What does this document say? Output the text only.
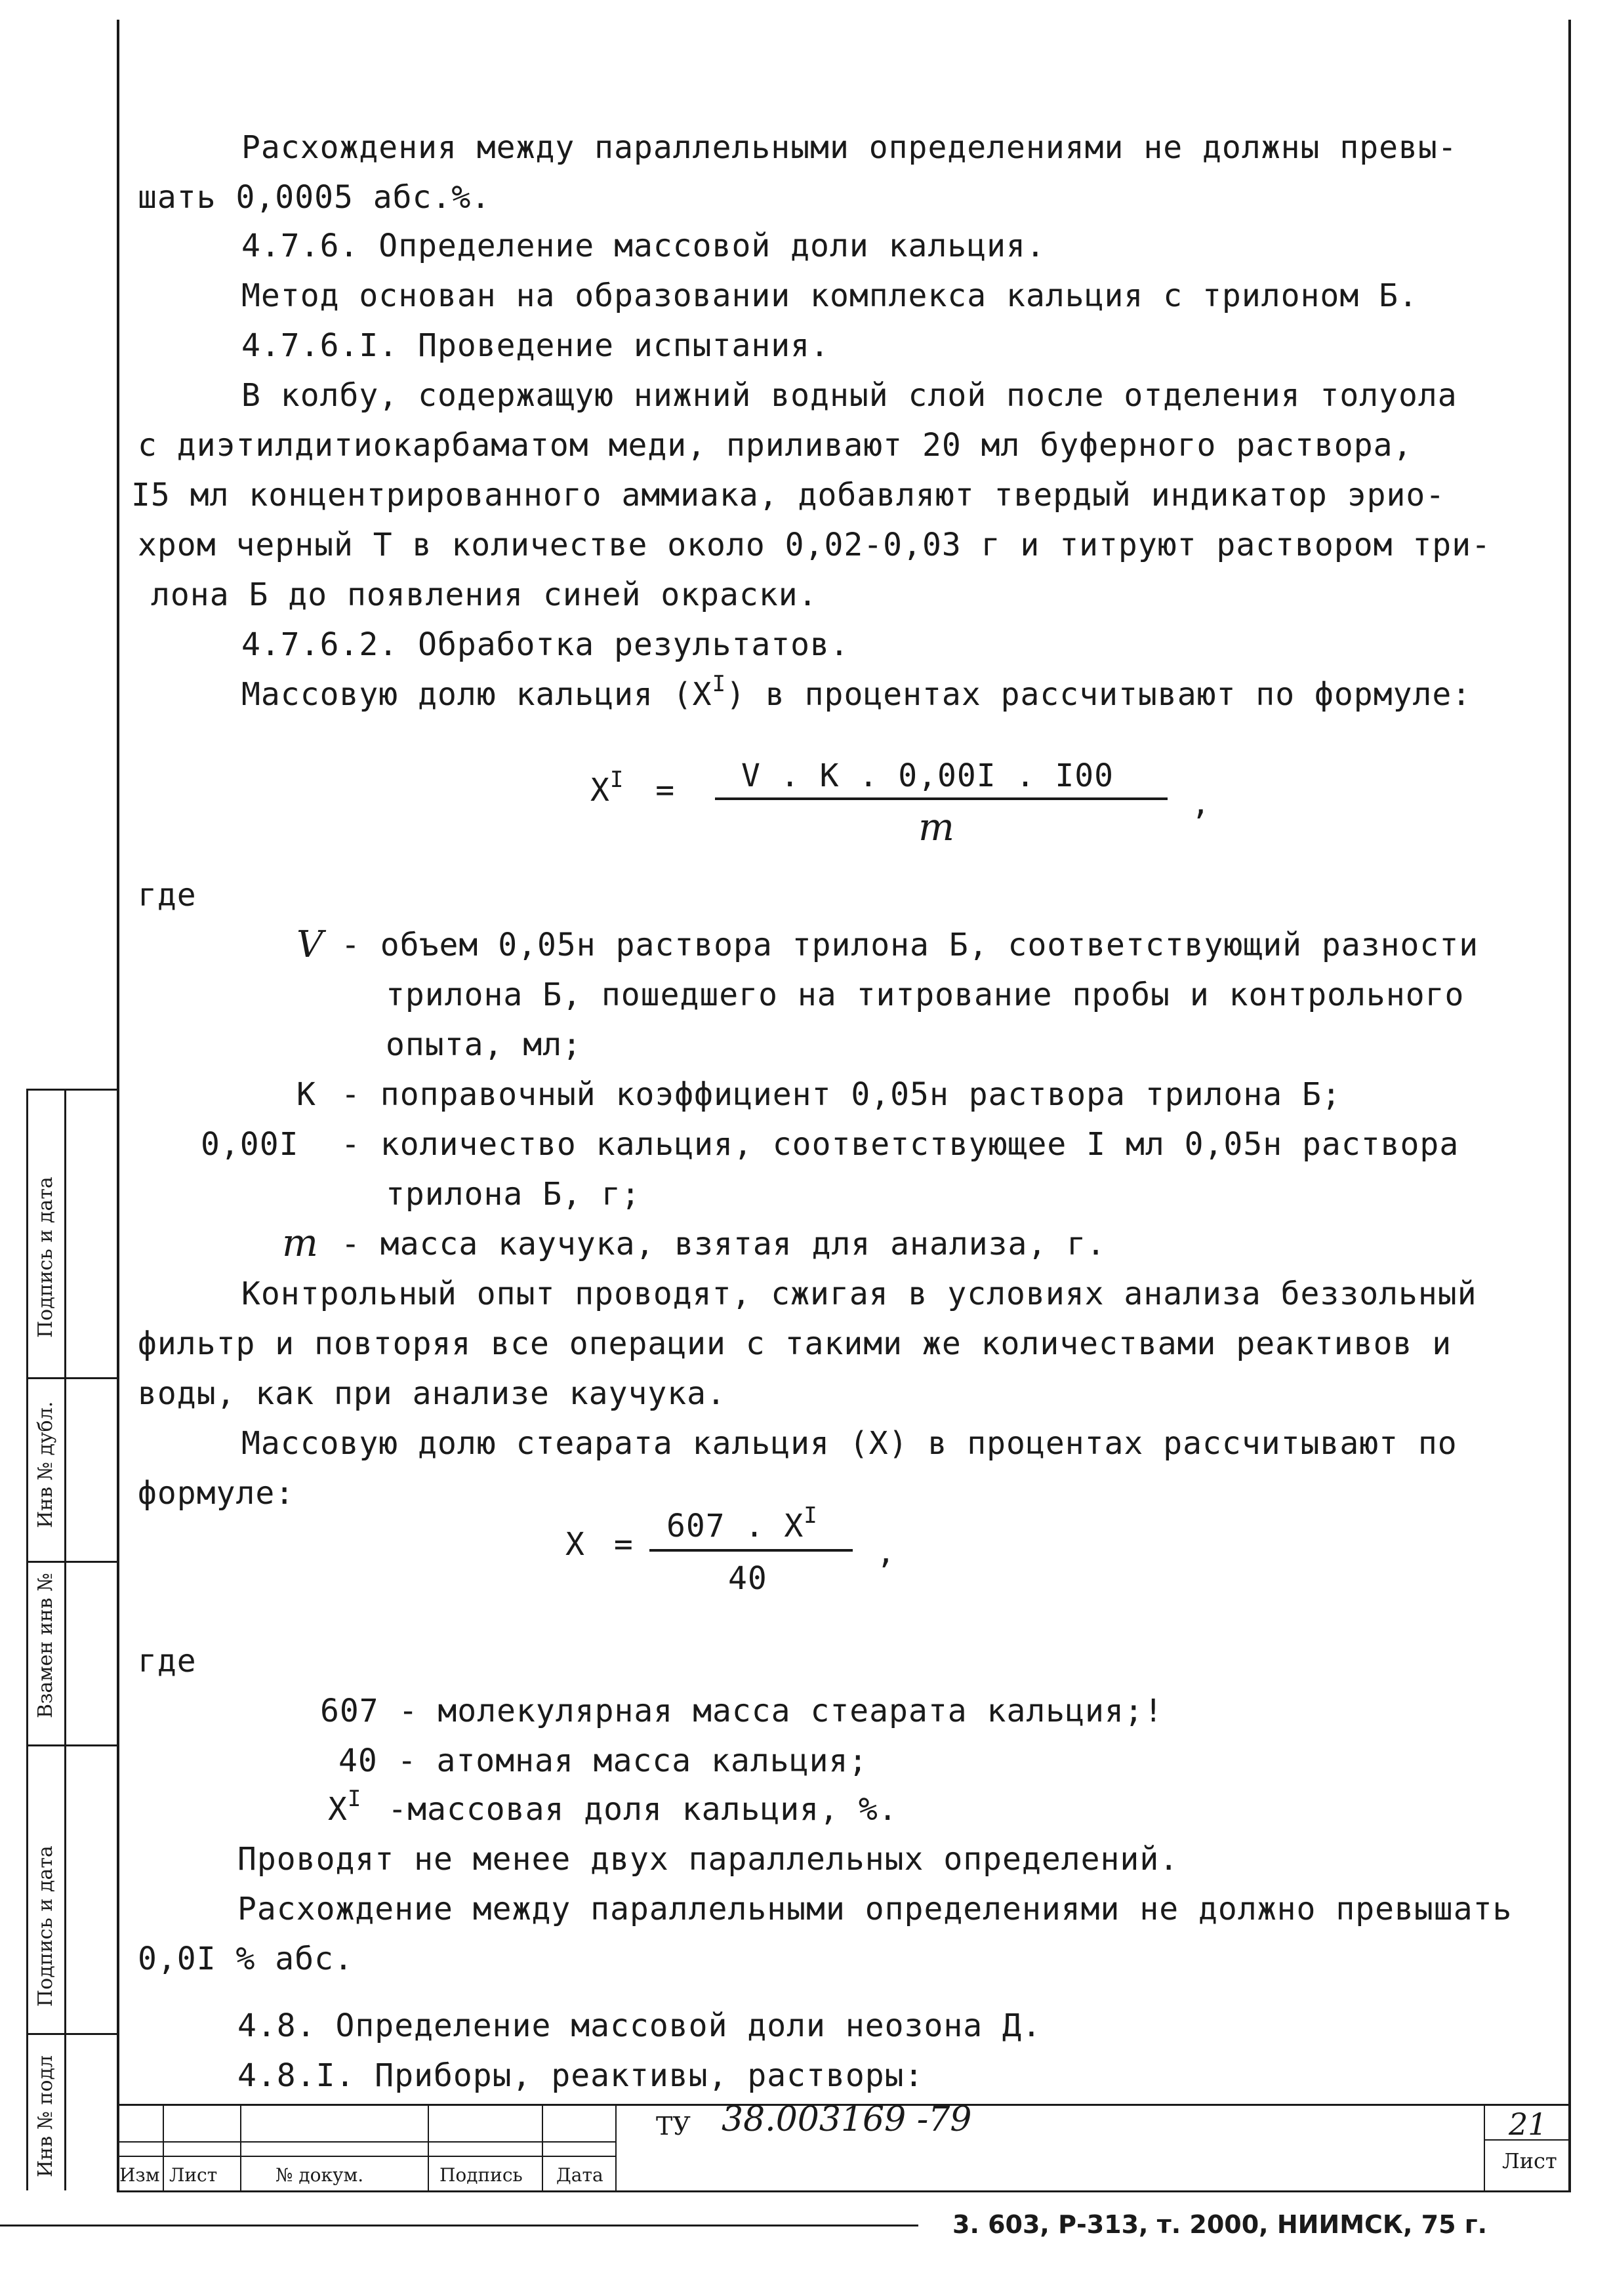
Расхождения между параллельными определениями не должны превы-
шать 0,0005 абс.%.
4.7.6. Определение массовой доли кальция.
Метод основан на образовании комплекса кальция с трилоном Б.
4.7.6.I. Проведение испытания.
В колбу, содержащую нижний водный слой после отделения толуола
с диэтилдитиокарбаматом меди, приливают 20 мл буферного раствора,
I5 мл концентрированного аммиака, добавляют твердый индикатор эрио-
хром черный Т в количестве около 0,02-0,03 г и титруют раствором три-
лона Б до появления синей окраски.
4.7.6.2. Обработка результатов.
Массовую долю кальция $(X^I)$ в процентах рассчитывают по формуле:
$X^I = V$ . К . 0,00I . I00
m
,
где
V - объем 0,05н раствора трилона Б, соответствующий разности
трилона Б, пошедшего на титрование пробы и контрольного
опыта, мл;
К - поправочный коэффициент 0,05н раствора трилона Б;
0,00I - количество кальция, соответствующее I мл 0,05н раствора
трилона Б, г;
m - масса каучука, взятая для анализа, г.
Контрольный опыт проводят, сжигая в условиях анализа беззольный
фильтр и повторяя все операции с такими же количествами реактивов и
воды, как при анализе каучука.
Массовую долю стеарата кальция (X) в процентах рассчитывают по
формуле:
X = 607 . $X^I$
40
,
где
607 - молекулярная масса стеарата кальция;!
40 - атомная масса кальция;
$X^I$ -массовая доля кальция, %.
Проводят не менее двух параллельных определений.
Расхождение между параллельными определениями не должно превышать
0,0I % абс.
4.8. Определение массовой доли неозона Д.
4.8.I. Приборы, реактивы, растворы:
Подпись и дата
Инв № дубл.
Взамен инв №
Подпись и дата
Инв № подл	Изм Лист	№ докум.	Подпись Дата
ТУ 38.003169 -79	21
Лист
3. 603, Р-313, т. 2000, НИИМСК, 75 г.
